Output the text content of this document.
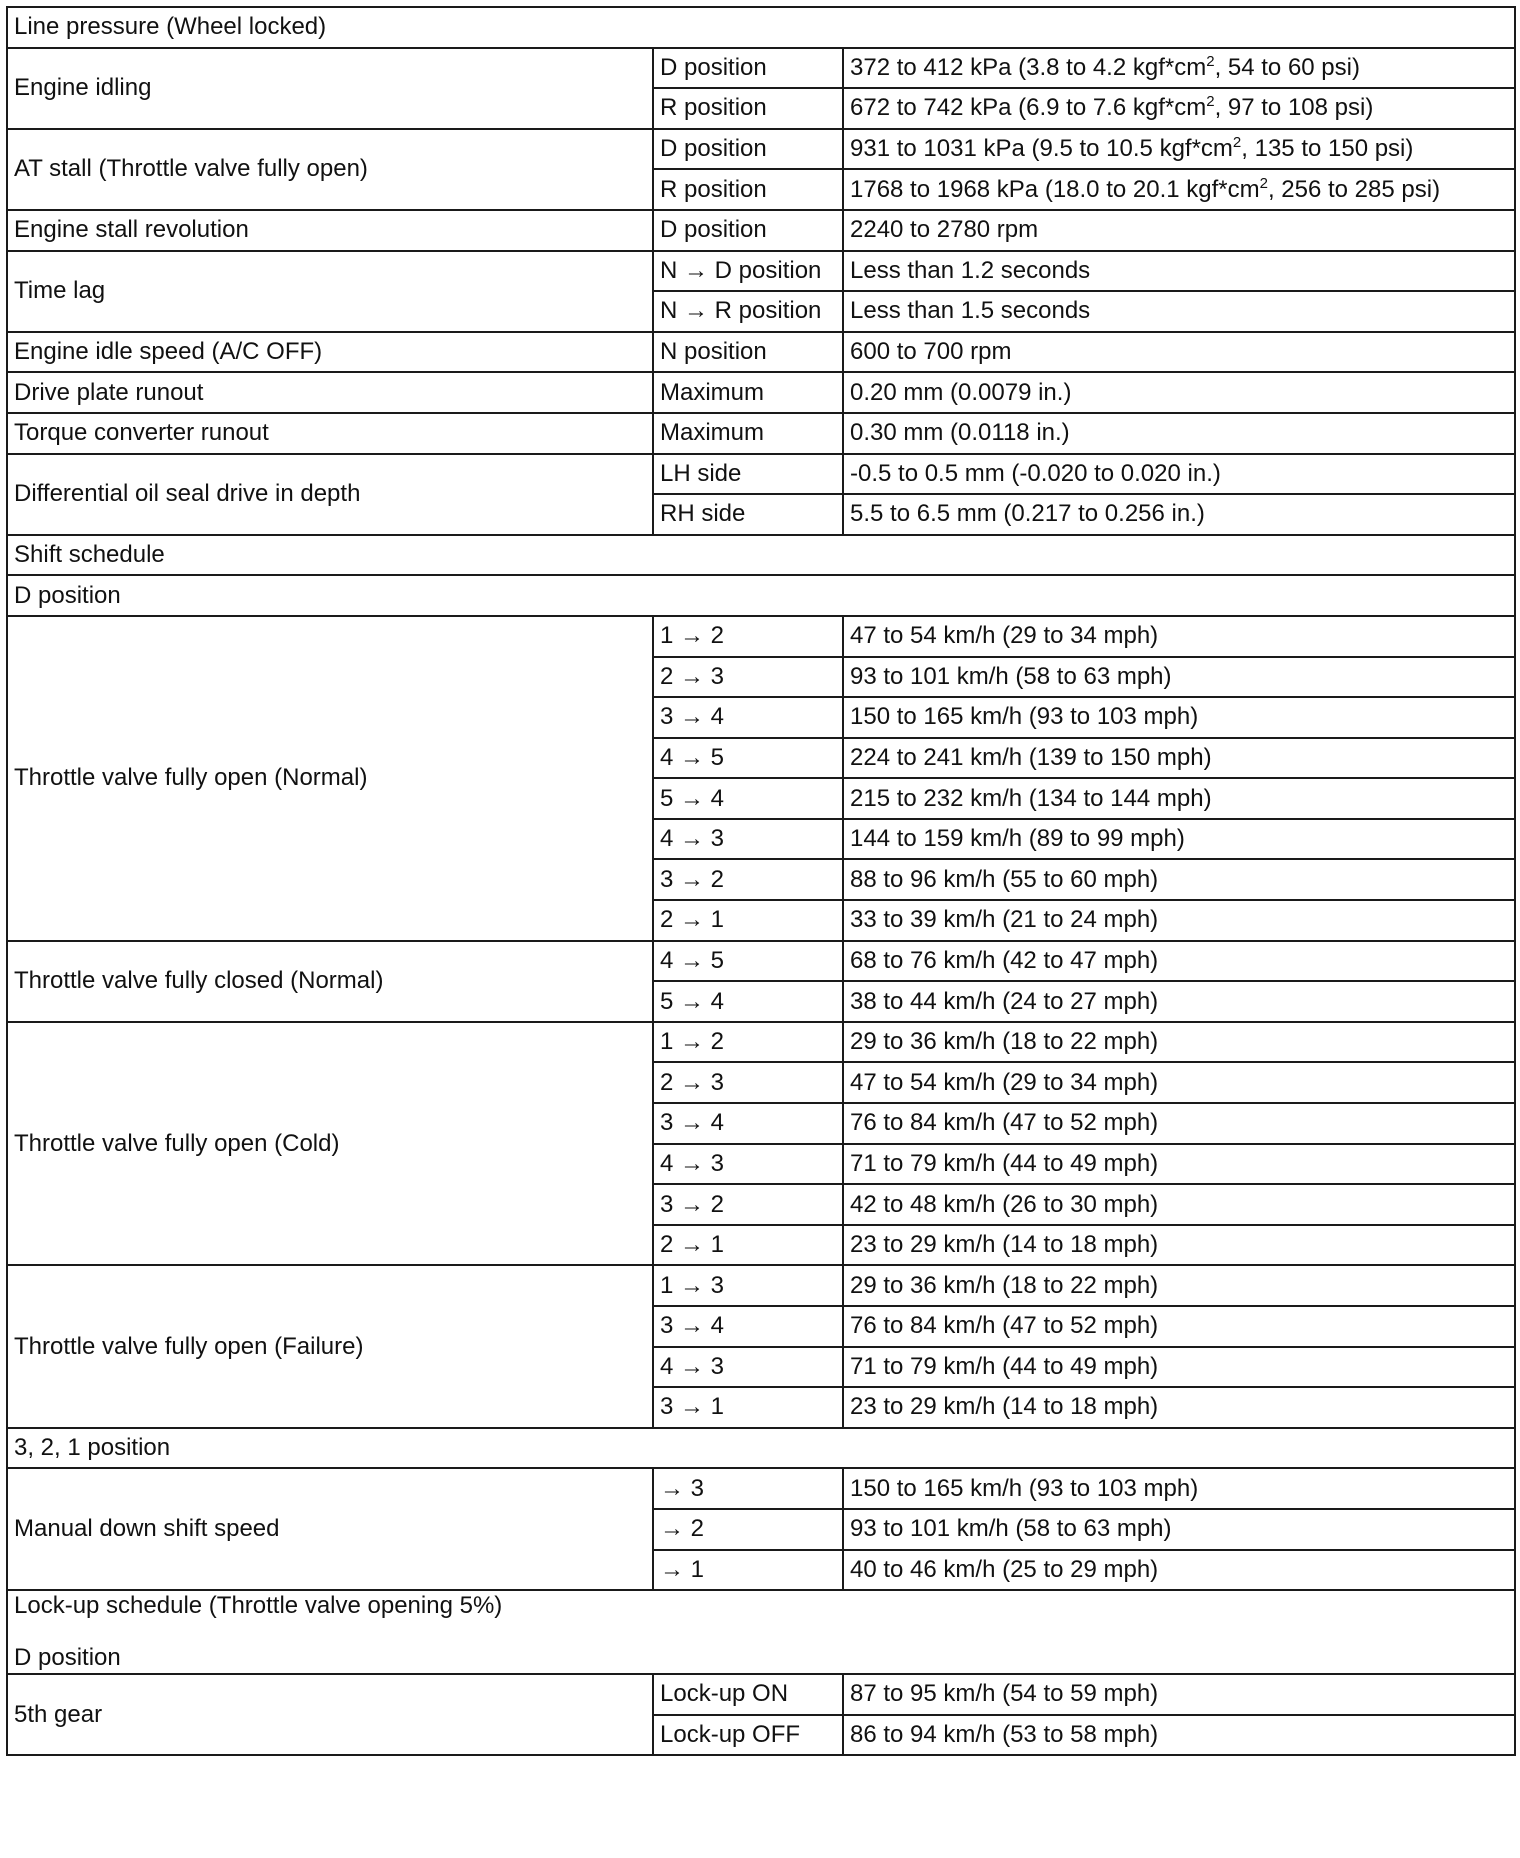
Line pressure (Wheel locked)		
Engine idling	D position	372 to 412 kPa (3.8 to 4.2 $kgf*cm^2$, 54 to 60 psi)
	R position	672 to 742 kPa (6.9 to 7.6 $kgf*cm^2$, 97 to 108 psi)
AT stall (Throttle valve fully open)	D position	931 to 1031 kPa (9.5 to 10.5 $kgf*cm^2$, 135 to 150 psi)
	R position	1768 to 1968 kPa (18.0 to 20.1 $kgf*cm^2$, 256 to 285 psi)
Engine stall revolution	D position	2240 to 2780 rpm
Time lag	N → D position	Less than 1.2 seconds
	N → R position	Less than 1.5 seconds
Engine idle speed (A/C OFF)	N position	600 to 700 rpm
Drive plate runout	Maximum	0.20 mm (0.0079 in.)
Torque converter runout	Maximum	0.30 mm (0.0118 in.)
Differential oil seal drive in depth	LH side	-0.5 to 0.5 mm (-0.020 to 0.020 in.)
	RH side	5.5 to 6.5 mm (0.217 to 0.256 in.)
Shift schedule		
D position		
Throttle valve fully open (Normal)	1 → 2	47 to 54 km/h (29 to 34 mph)
	2 → 3	93 to 101 km/h (58 to 63 mph)
	3 → 4	150 to 165 km/h (93 to 103 mph)
	4 → 5	224 to 241 km/h (139 to 150 mph)
	5 → 4	215 to 232 km/h (134 to 144 mph)
	4 → 3	144 to 159 km/h (89 to 99 mph)
	3 → 2	88 to 96 km/h (55 to 60 mph)
	2 → 1	33 to 39 km/h (21 to 24 mph)
Throttle valve fully closed (Normal)	4 → 5	68 to 76 km/h (42 to 47 mph)
	5 → 4	38 to 44 km/h (24 to 27 mph)
Throttle valve fully open (Cold)	1 → 2	29 to 36 km/h (18 to 22 mph)
	2 → 3	47 to 54 km/h (29 to 34 mph)
	3 → 4	76 to 84 km/h (47 to 52 mph)
	4 → 3	71 to 79 km/h (44 to 49 mph)
	3 → 2	42 to 48 km/h (26 to 30 mph)
	2 → 1	23 to 29 km/h (14 to 18 mph)
Throttle valve fully open (Failure)	1 → 3	29 to 36 km/h (18 to 22 mph)
	3 → 4	76 to 84 km/h (47 to 52 mph)
	4 → 3	71 to 79 km/h (44 to 49 mph)
	3 → 1	23 to 29 km/h (14 to 18 mph)
3, 2, 1 position		
Manual down shift speed	→ 3	150 to 165 km/h (93 to 103 mph)
	→ 2	93 to 101 km/h (58 to 63 mph)
	→ 1	40 to 46 km/h (25 to 29 mph)

Lock-up schedule (Throttle valve opening 5%)
D position		

5th gear	Lock-up ON	87 to 95 km/h (54 to 59 mph)
	Lock-up OFF	86 to 94 km/h (53 to 58 mph)
